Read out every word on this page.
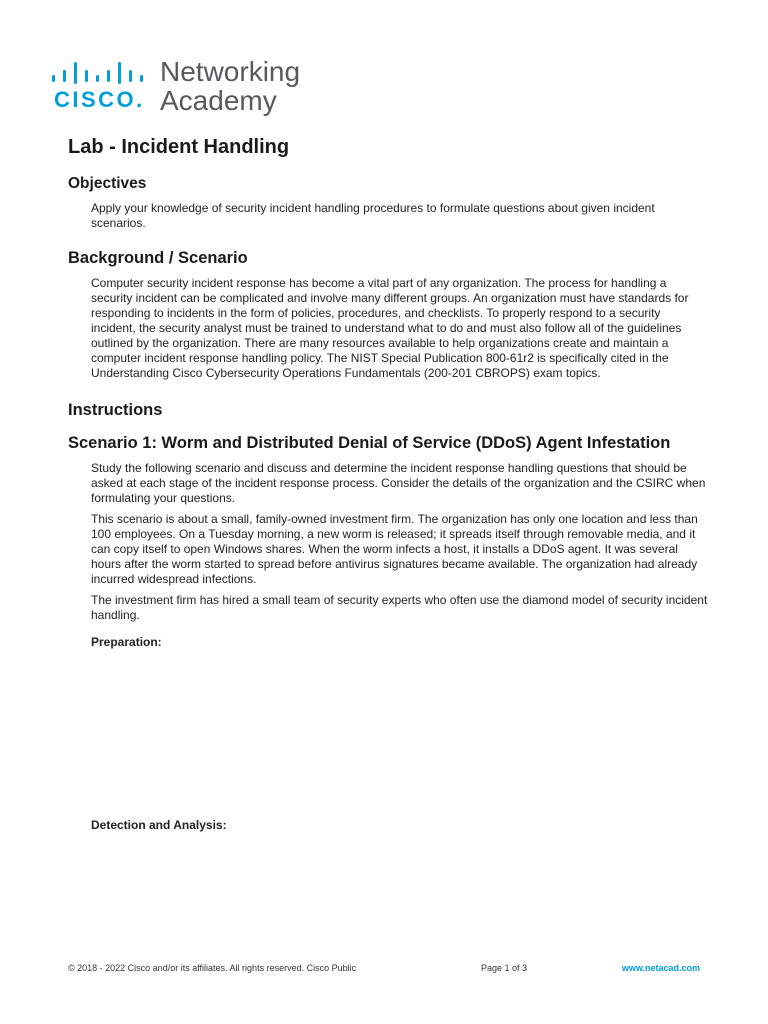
CISCO.
Networking
Academy
Lab - Incident Handling
Objectives

Apply your knowledge of security incident handling procedures to formulate questions about given incident scenarios.

Background / Scenario

Computer security incident response has become a vital part of any organization. The process for handling a security incident can be complicated and involve many different groups. An organization must have standards for responding to incidents in the form of policies, procedures, and checklists. To properly respond to a security incident, the security analyst must be trained to understand what to do and must also follow all of the guidelines outlined by the organization. There are many resources available to help organizations create and maintain a computer incident response handling policy. The NIST Special Publication 800-61r2 is specifically cited in the Understanding Cisco Cybersecurity Operations Fundamentals (200-201 CBROPS) exam topics.

Instructions
Scenario 1: Worm and Distributed Denial of Service (DDoS) Agent Infestation

Study the following scenario and discuss and determine the incident response handling questions that should be asked at each stage of the incident response process. Consider the details of the organization and the CSIRC when formulating your questions.

This scenario is about a small, family-owned investment firm. The organization has only one location and less than 100 employees. On a Tuesday morning, a new worm is released; it spreads itself through removable media, and it can copy itself to open Windows shares. When the worm infects a host, it installs a DDoS agent. It was several hours after the worm started to spread before antivirus signatures became available. The organization had already incurred widespread infections.

The investment firm has hired a small team of security experts who often use the diamond model of security incident handling.

Preparation:

Detection and Analysis:

© 2018 - 2022 Cisco and/or its affiliates. All rights reserved. Cisco Public	Page 1 of 3	www.netacad.com
